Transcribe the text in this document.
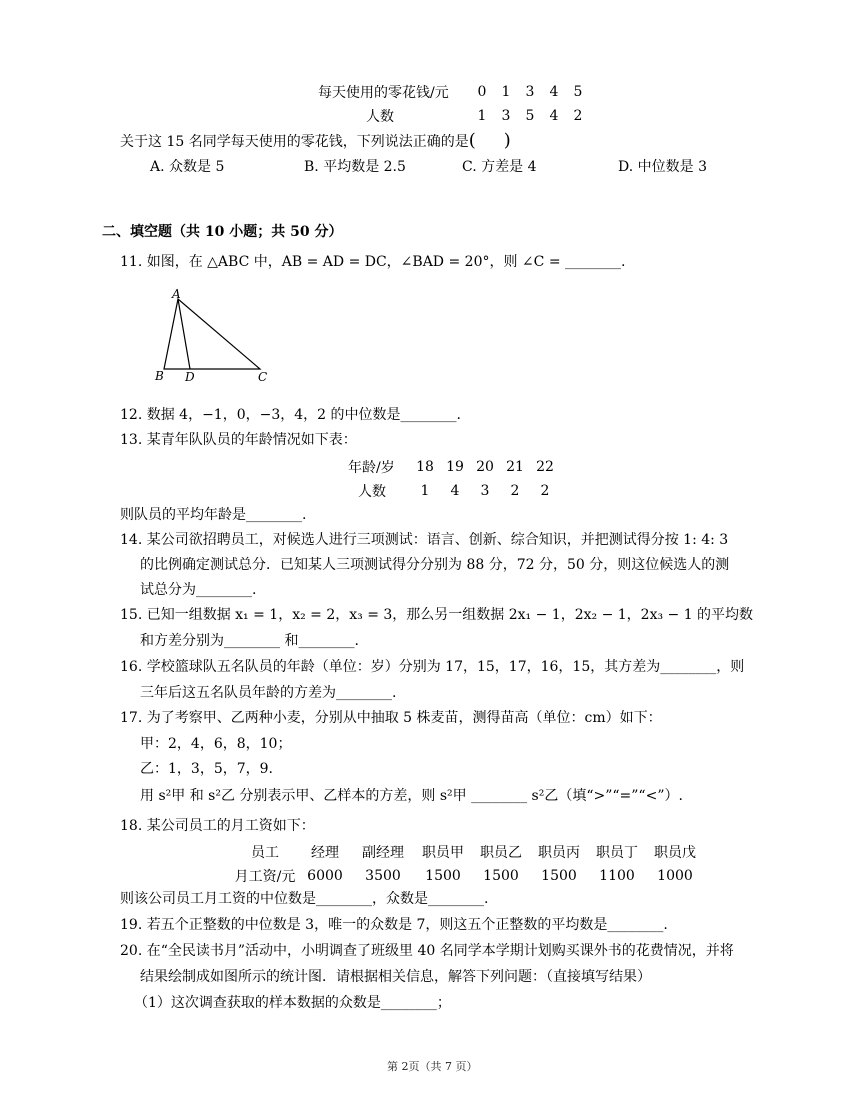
每天使用的零花钱/元	0	1	3	4	5
人数	1	3	5	4	2
关于这 15 名同学每天使用的零花钱，下列说法正确的是( )
A. 众数是 5	B. 平均数是 2.5	C. 方差是 4	D. 中位数是 3
二、填空题（共 10 小题；共 50 分）
11. 如图，在 △ABC 中，AB = AD = DC，∠BAD = 20°，则 ∠C = ________.
A
B D	C
12. 数据 4，−1，0，−3，4，2 的中位数是________.
13. 某青年队队员的年龄情况如下表：
年龄/岁	18	19	20	21	22
人数	1	4	3	2	2
则队员的平均年龄是________.
14. 某公司欲招聘员工，对候选人进行三项测试：语言、创新、综合知识，并把测试得分按 1: 4: 3
的比例确定测试总分．已知某人三项测试得分分别为 88 分，72 分，50 分，则这位候选人的测
试总分为________.
15. 已知一组数据 x₁ = 1，x₂ = 2，x₃ = 3，那么另一组数据 2x₁ − 1，2x₂ − 1，2x₃ − 1 的平均数
和方差分别为________ 和________.
16. 学校篮球队五名队员的年龄（单位：岁）分别为 17，15，17，16，15，其方差为________，则
三年后这五名队员年龄的方差为________.
17. 为了考察甲、乙两种小麦，分别从中抽取 5 株麦苗，测得苗高（单位：cm）如下：
甲：2，4，6，8，10；
乙：1，3，5，7，9.
用 s²甲 和 s²乙 分别表示甲、乙样本的方差，则 s²甲 ________ s²乙（填“>”“=”“<”）.
18. 某公司员工的月工资如下：
员工	经理	副经理	职员甲	职员乙	职员丙	职员丁	职员戊
月工资/元	6000	3500	1500	1500	1500	1100	1000
则该公司员工月工资的中位数是________，众数是________.
19. 若五个正整数的中位数是 3，唯一的众数是 7，则这五个正整数的平均数是________.
20. 在“全民读书月”活动中，小明调查了班级里 40 名同学本学期计划购买课外书的花费情况，并将
结果绘制成如图所示的统计图．请根据相关信息，解答下列问题：（直接填写结果）
（1）这次调查获取的样本数据的众数是________；
第 2页（共 7 页）
